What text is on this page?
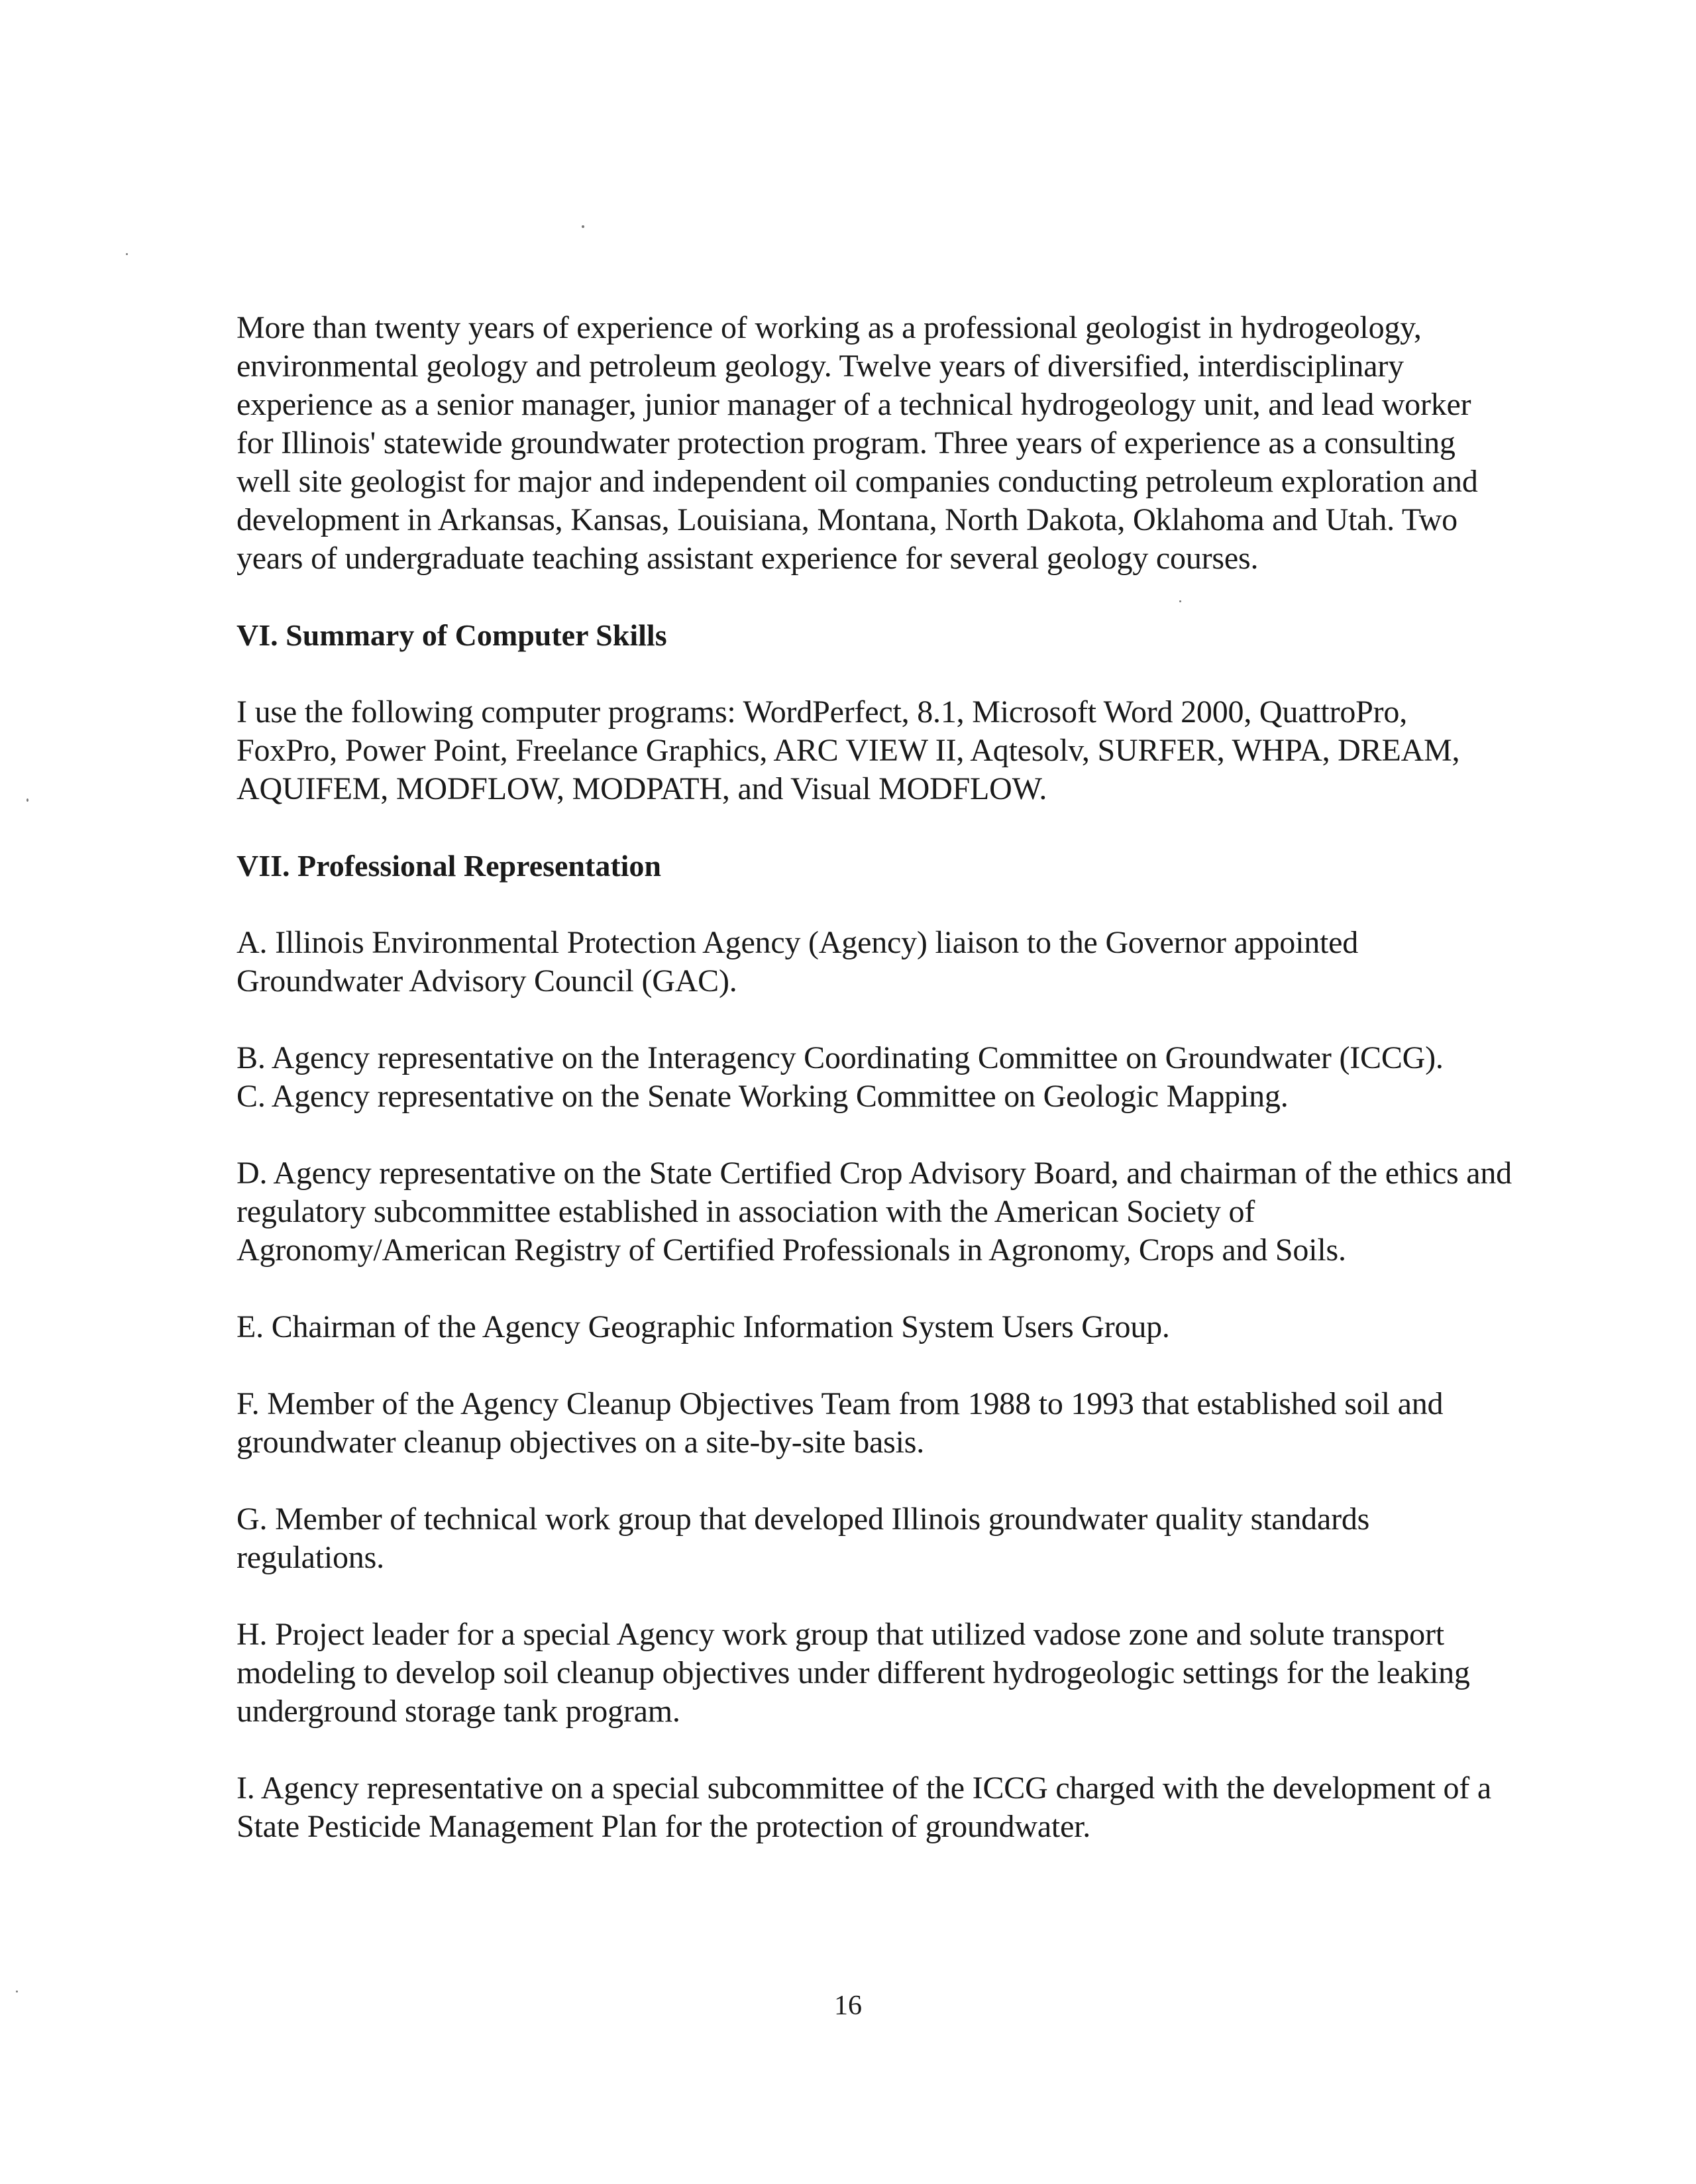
More than twenty years of experience of working as a professional geologist in hydrogeology, environmental geology and petroleum geology. Twelve years of diversified, interdisciplinary experience as a senior manager, junior manager of a technical hydrogeology unit, and lead worker for Illinois' statewide groundwater protection program. Three years of experience as a consulting well site geologist for major and independent oil companies conducting petroleum exploration and development in Arkansas, Kansas, Louisiana, Montana, North Dakota, Oklahoma and Utah. Two years of undergraduate teaching assistant experience for several geology courses.

VI. Summary of Computer Skills

I use the following computer programs: WordPerfect, 8.1, Microsoft Word 2000, QuattroPro, FoxPro, Power Point, Freelance Graphics, ARC VIEW II, Aqtesolv, SURFER, WHPA, DREAM, AQUIFEM, MODFLOW, MODPATH, and Visual MODFLOW.

VII. Professional Representation

A. Illinois Environmental Protection Agency (Agency) liaison to the Governor appointed Groundwater Advisory Council (GAC).

B. Agency representative on the Interagency Coordinating Committee on Groundwater (ICCG).

C. Agency representative on the Senate Working Committee on Geologic Mapping.

D. Agency representative on the State Certified Crop Advisory Board, and chairman of the ethics and regulatory subcommittee established in association with the American Society of Agronomy/American Registry of Certified Professionals in Agronomy, Crops and Soils.

E. Chairman of the Agency Geographic Information System Users Group.

F. Member of the Agency Cleanup Objectives Team from 1988 to 1993 that established soil and groundwater cleanup objectives on a site-by-site basis.

G. Member of technical work group that developed Illinois groundwater quality standards regulations.

H. Project leader for a special Agency work group that utilized vadose zone and solute transport modeling to develop soil cleanup objectives under different hydrogeologic settings for the leaking underground storage tank program.

I. Agency representative on a special subcommittee of the ICCG charged with the development of a State Pesticide Management Plan for the protection of groundwater.

16
